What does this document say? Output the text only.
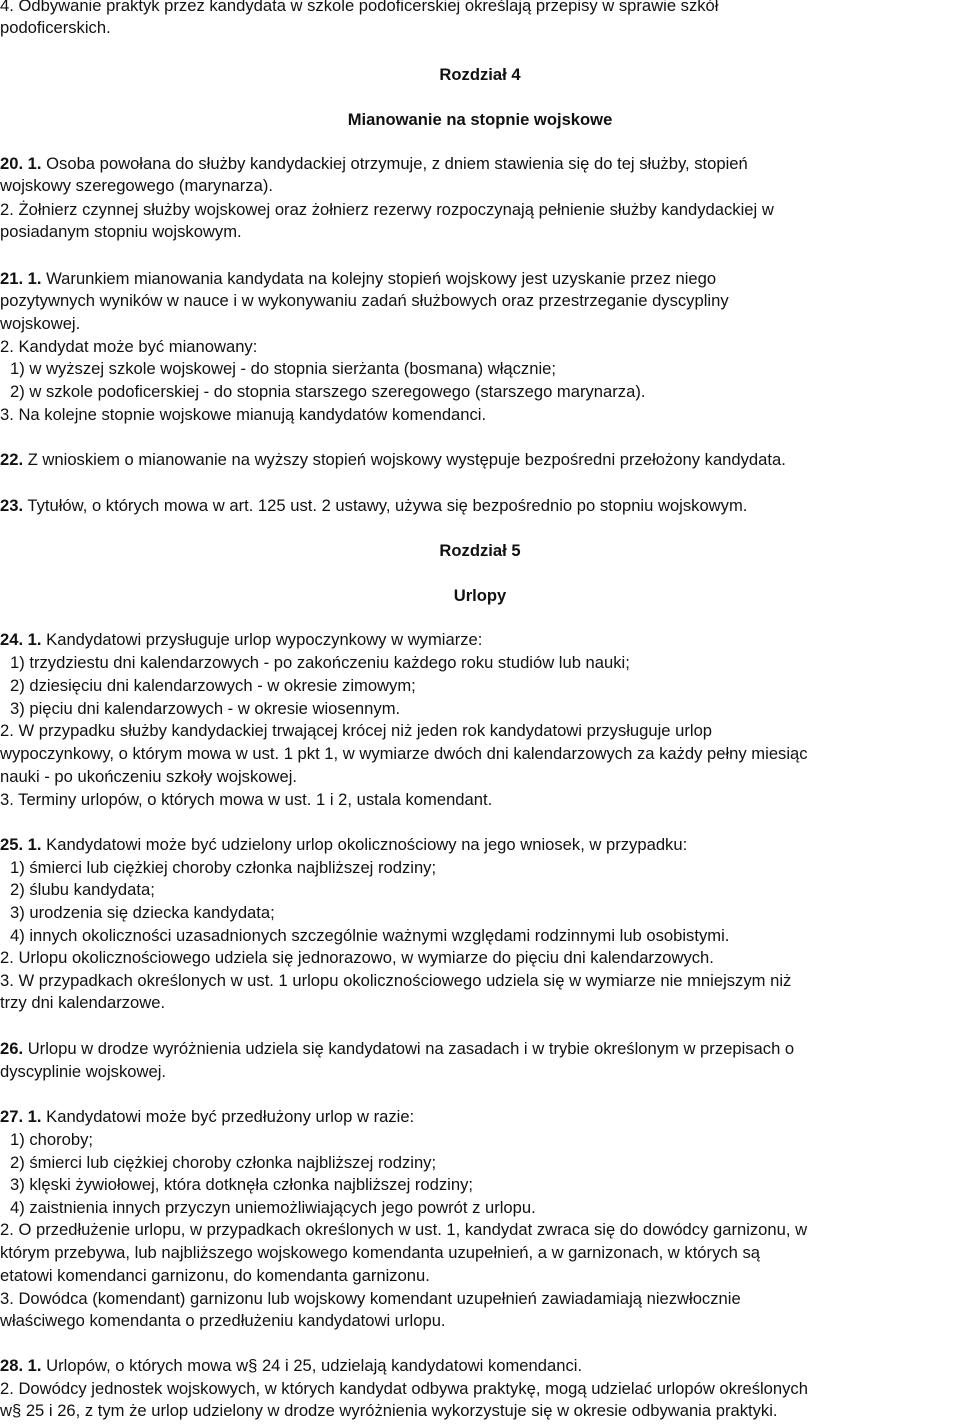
4. Odbywanie praktyk przez kandydata w szkole podoficerskiej określają przepisy w sprawie szkół
podoficerskich.
Rozdział 4
Mianowanie na stopnie wojskowe
20. 1. Osoba powołana do służby kandydackiej otrzymuje, z dniem stawienia się do tej służby, stopień
wojskowy szeregowego (marynarza).
2. Żołnierz czynnej służby wojskowej oraz żołnierz rezerwy rozpoczynają pełnienie służby kandydackiej w
posiadanym stopniu wojskowym.
21. 1. Warunkiem mianowania kandydata na kolejny stopień wojskowy jest uzyskanie przez niego
pozytywnych wyników w nauce i w wykonywaniu zadań służbowych oraz przestrzeganie dyscypliny
wojskowej.
2. Kandydat może być mianowany:
1) w wyższej szkole wojskowej - do stopnia sierżanta (bosmana) włącznie;
2) w szkole podoficerskiej - do stopnia starszego szeregowego (starszego marynarza).
3. Na kolejne stopnie wojskowe mianują kandydatów komendanci.
22. Z wnioskiem o mianowanie na wyższy stopień wojskowy występuje bezpośredni przełożony kandydata.
23. Tytułów, o których mowa w art. 125 ust. 2 ustawy, używa się bezpośrednio po stopniu wojskowym.
Rozdział 5
Urlopy
24. 1. Kandydatowi przysługuje urlop wypoczynkowy w wymiarze:
1) trzydziestu dni kalendarzowych - po zakończeniu każdego roku studiów lub nauki;
2) dziesięciu dni kalendarzowych - w okresie zimowym;
3) pięciu dni kalendarzowych - w okresie wiosennym.
2. W przypadku służby kandydackiej trwającej krócej niż jeden rok kandydatowi przysługuje urlop
wypoczynkowy, o którym mowa w ust. 1 pkt 1, w wymiarze dwóch dni kalendarzowych za każdy pełny miesiąc
nauki - po ukończeniu szkoły wojskowej.
3. Terminy urlopów, o których mowa w ust. 1 i 2, ustala komendant.
25. 1. Kandydatowi może być udzielony urlop okolicznościowy na jego wniosek, w przypadku:
1) śmierci lub ciężkiej choroby członka najbliższej rodziny;
2) ślubu kandydata;
3) urodzenia się dziecka kandydata;
4) innych okoliczności uzasadnionych szczególnie ważnymi względami rodzinnymi lub osobistymi.
2. Urlopu okolicznościowego udziela się jednorazowo, w wymiarze do pięciu dni kalendarzowych.
3. W przypadkach określonych w ust. 1 urlopu okolicznościowego udziela się w wymiarze nie mniejszym niż
trzy dni kalendarzowe.
26. Urlopu w drodze wyróżnienia udziela się kandydatowi na zasadach i w trybie określonym w przepisach o
dyscyplinie wojskowej.
27. 1. Kandydatowi może być przedłużony urlop w razie:
1) choroby;
2) śmierci lub ciężkiej choroby członka najbliższej rodziny;
3) klęski żywiołowej, która dotknęła członka najbliższej rodziny;
4) zaistnienia innych przyczyn uniemożliwiających jego powrót z urlopu.
2. O przedłużenie urlopu, w przypadkach określonych w ust. 1, kandydat zwraca się do dowódcy garnizonu, w
którym przebywa, lub najbliższego wojskowego komendanta uzupełnień, a w garnizonach, w których są
etatowi komendanci garnizonu, do komendanta garnizonu.
3. Dowódca (komendant) garnizonu lub wojskowy komendant uzupełnień zawiadamiają niezwłocznie
właściwego komendanta o przedłużeniu kandydatowi urlopu.
28. 1. Urlopów, o których mowa w§ 24 i 25, udzielają kandydatowi komendanci.
2. Dowódcy jednostek wojskowych, w których kandydat odbywa praktykę, mogą udzielać urlopów określonych
w§ 25 i 26, z tym że urlop udzielony w drodze wyróżnienia wykorzystuje się w okresie odbywania praktyki.
